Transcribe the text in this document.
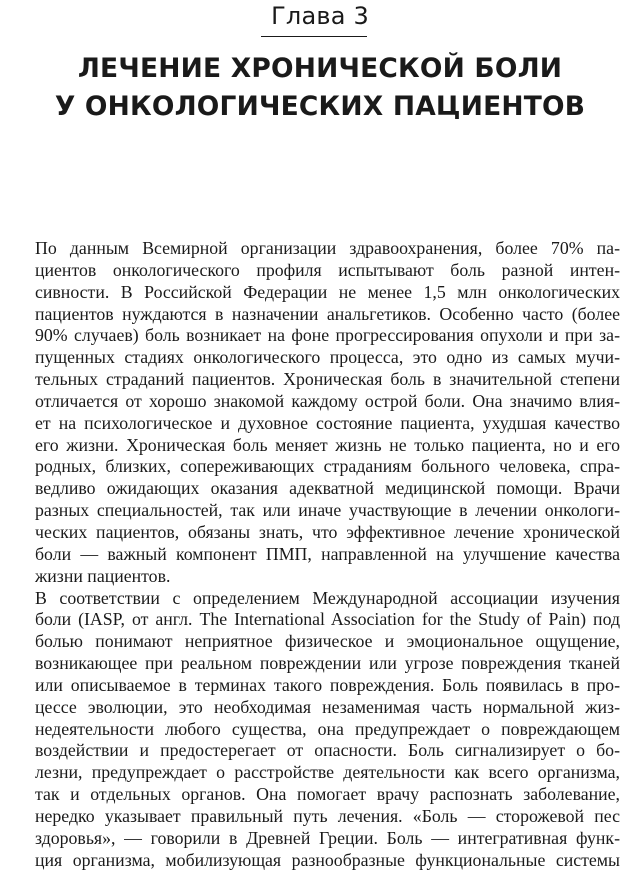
Глава 3
ЛЕЧЕНИЕ ХРОНИЧЕСКОЙ БОЛИ
У ОНКОЛОГИЧЕСКИХ ПАЦИЕНТОВ
По данным Всемирной организации здравоохранения, более 70% па-
циентов онкологического профиля испытывают боль разной интен-
сивности. В Российской Федерации не менее 1,5 млн онкологических
пациентов нуждаются в назначении анальгетиков. Особенно часто (более
90% случаев) боль возникает на фоне прогрессирования опухоли и при за-
пущенных стадиях онкологического процесса, это одно из самых мучи-
тельных страданий пациентов. Хроническая боль в значительной степени
отличается от хорошо знакомой каждому острой боли. Она значимо влия-
ет на психологическое и духовное состояние пациента, ухудшая качество
его жизни. Хроническая боль меняет жизнь не только пациента, но и его
родных, близких, сопереживающих страданиям больного человека, спра-
ведливо ожидающих оказания адекватной медицинской помощи. Врачи
разных специальностей, так или иначе участвующие в лечении онкологи-
ческих пациентов, обязаны знать, что эффективное лечение хронической
боли — важный компонент ПМП, направленной на улучшение качества
жизни пациентов.
В соответствии с определением Международной ассоциации изучения
боли (IASP, от англ. The International Association for the Study of Pain) под
болью понимают неприятное физическое и эмоциональное ощущение,
возникающее при реальном повреждении или угрозе повреждения тканей
или описываемое в терминах такого повреждения. Боль появилась в про-
цессе эволюции, это необходимая незаменимая часть нормальной жиз-
недеятельности любого существа, она предупреждает о повреждающем
воздействии и предостерегает от опасности. Боль сигнализирует о бо-
лезни, предупреждает о расстройстве деятельности как всего организма,
так и отдельных органов. Она помогает врачу распознать заболевание,
нередко указывает правильный путь лечения. «Боль — сторожевой пес
здоровья», — говорили в Древней Греции. Боль — интегративная функ-
ция организма, мобилизующая разнообразные функциональные системы
